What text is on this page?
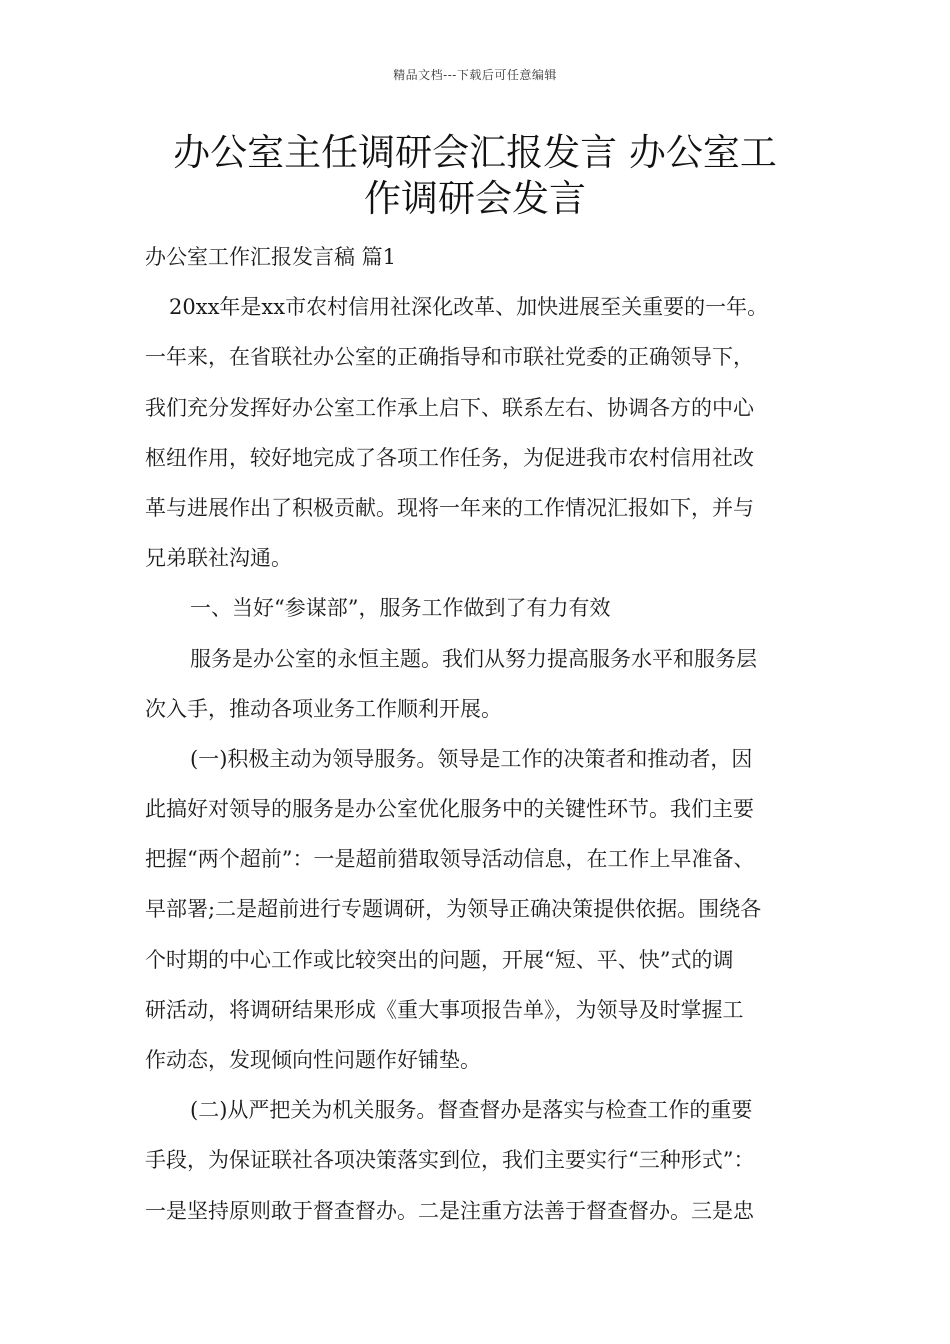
精品文档---下载后可任意编辑
办公室主任调研会汇报发言 办公室工
作调研会发言
办公室工作汇报发言稿 篇1
20xx年是xx市农村信用社深化改革、加快进展至关重要的一年。
一年来，在省联社办公室的正确指导和市联社党委的正确领导下，
我们充分发挥好办公室工作承上启下、联系左右、协调各方的中心
枢纽作用，较好地完成了各项工作任务，为促进我市农村信用社改
革与进展作出了积极贡献。现将一年来的工作情况汇报如下，并与
兄弟联社沟通。
一、当好“参谋部”，服务工作做到了有力有效
服务是办公室的永恒主题。我们从努力提高服务水平和服务层
次入手，推动各项业务工作顺利开展。
(一)积极主动为领导服务。领导是工作的决策者和推动者，因
此搞好对领导的服务是办公室优化服务中的关键性环节。我们主要
把握“两个超前”：一是超前猎取领导活动信息，在工作上早准备、
早部署;二是超前进行专题调研，为领导正确决策提供依据。围绕各
个时期的中心工作或比较突出的问题，开展“短、平、快”式的调
研活动，将调研结果形成《重大事项报告单》，为领导及时掌握工
作动态，发现倾向性问题作好铺垫。
(二)从严把关为机关服务。督查督办是落实与检查工作的重要
手段，为保证联社各项决策落实到位，我们主要实行“三种形式”：
一是坚持原则敢于督查督办。二是注重方法善于督查督办。三是忠
